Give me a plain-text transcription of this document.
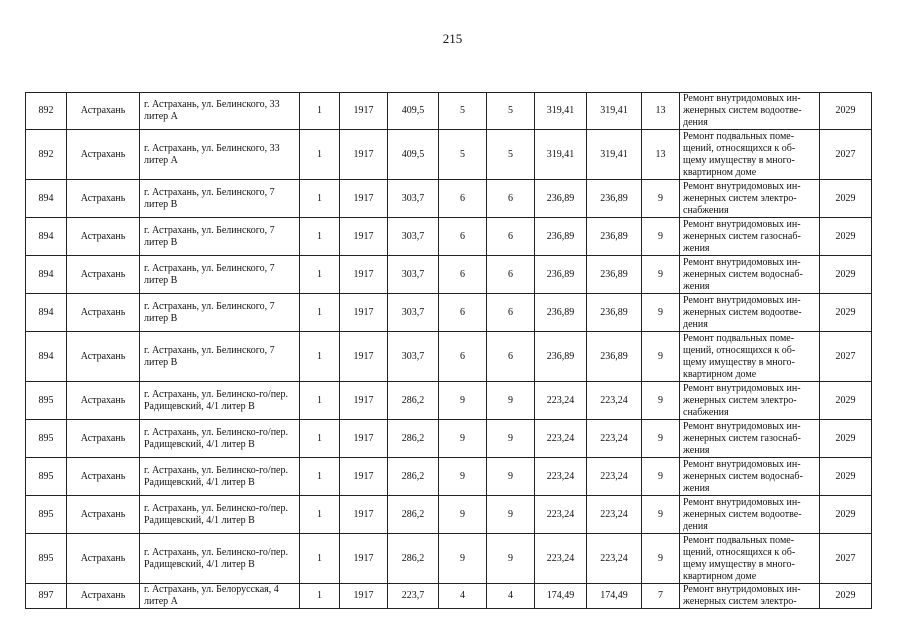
215
892	Астрахань	г. Астрахань, ул. Белинского, 33 литер А	1	1917	409,5	5	5	319,41	319,41	13	Ремонт внутридомовых ин-женерных систем водоотве-дения	2029
892	Астрахань	г. Астрахань, ул. Белинского, 33 литер А	1	1917	409,5	5	5	319,41	319,41	13	Ремонт подвальных поме-щений, относящихся к об-щему имуществу в много-квартирном доме	2027
894	Астрахань	г. Астрахань, ул. Белинского, 7 литер В	1	1917	303,7	6	6	236,89	236,89	9	Ремонт внутридомовых ин-женерных систем электро-снабжения	2029
894	Астрахань	г. Астрахань, ул. Белинского, 7 литер В	1	1917	303,7	6	6	236,89	236,89	9	Ремонт внутридомовых ин-женерных систем газоснаб-жения	2029
894	Астрахань	г. Астрахань, ул. Белинского, 7 литер В	1	1917	303,7	6	6	236,89	236,89	9	Ремонт внутридомовых ин-женерных систем водоснаб-жения	2029
894	Астрахань	г. Астрахань, ул. Белинского, 7 литер В	1	1917	303,7	6	6	236,89	236,89	9	Ремонт внутридомовых ин-женерных систем водоотве-дения	2029
894	Астрахань	г. Астрахань, ул. Белинского, 7 литер В	1	1917	303,7	6	6	236,89	236,89	9	Ремонт подвальных поме-щений, относящихся к об-щему имуществу в много-квартирном доме	2027
895	Астрахань	г. Астрахань, ул. Белинско-го/пер. Радищевский, 4/1 литер В	1	1917	286,2	9	9	223,24	223,24	9	Ремонт внутридомовых ин-женерных систем электро-снабжения	2029
895	Астрахань	г. Астрахань, ул. Белинско-го/пер. Радищевский, 4/1 литер В	1	1917	286,2	9	9	223,24	223,24	9	Ремонт внутридомовых ин-женерных систем газоснаб-жения	2029
895	Астрахань	г. Астрахань, ул. Белинско-го/пер. Радищевский, 4/1 литер В	1	1917	286,2	9	9	223,24	223,24	9	Ремонт внутридомовых ин-женерных систем водоснаб-жения	2029
895	Астрахань	г. Астрахань, ул. Белинско-го/пер. Радищевский, 4/1 литер В	1	1917	286,2	9	9	223,24	223,24	9	Ремонт внутридомовых ин-женерных систем водоотве-дения	2029
895	Астрахань	г. Астрахань, ул. Белинско-го/пер. Радищевский, 4/1 литер В	1	1917	286,2	9	9	223,24	223,24	9	Ремонт подвальных поме-щений, относящихся к об-щему имуществу в много-квартирном доме	2027
897	Астрахань	г. Астрахань, ул. Белорусская, 4 литер А	1	1917	223,7	4	4	174,49	174,49	7	Ремонт внутридомовых ин-женерных систем электро-	2029
